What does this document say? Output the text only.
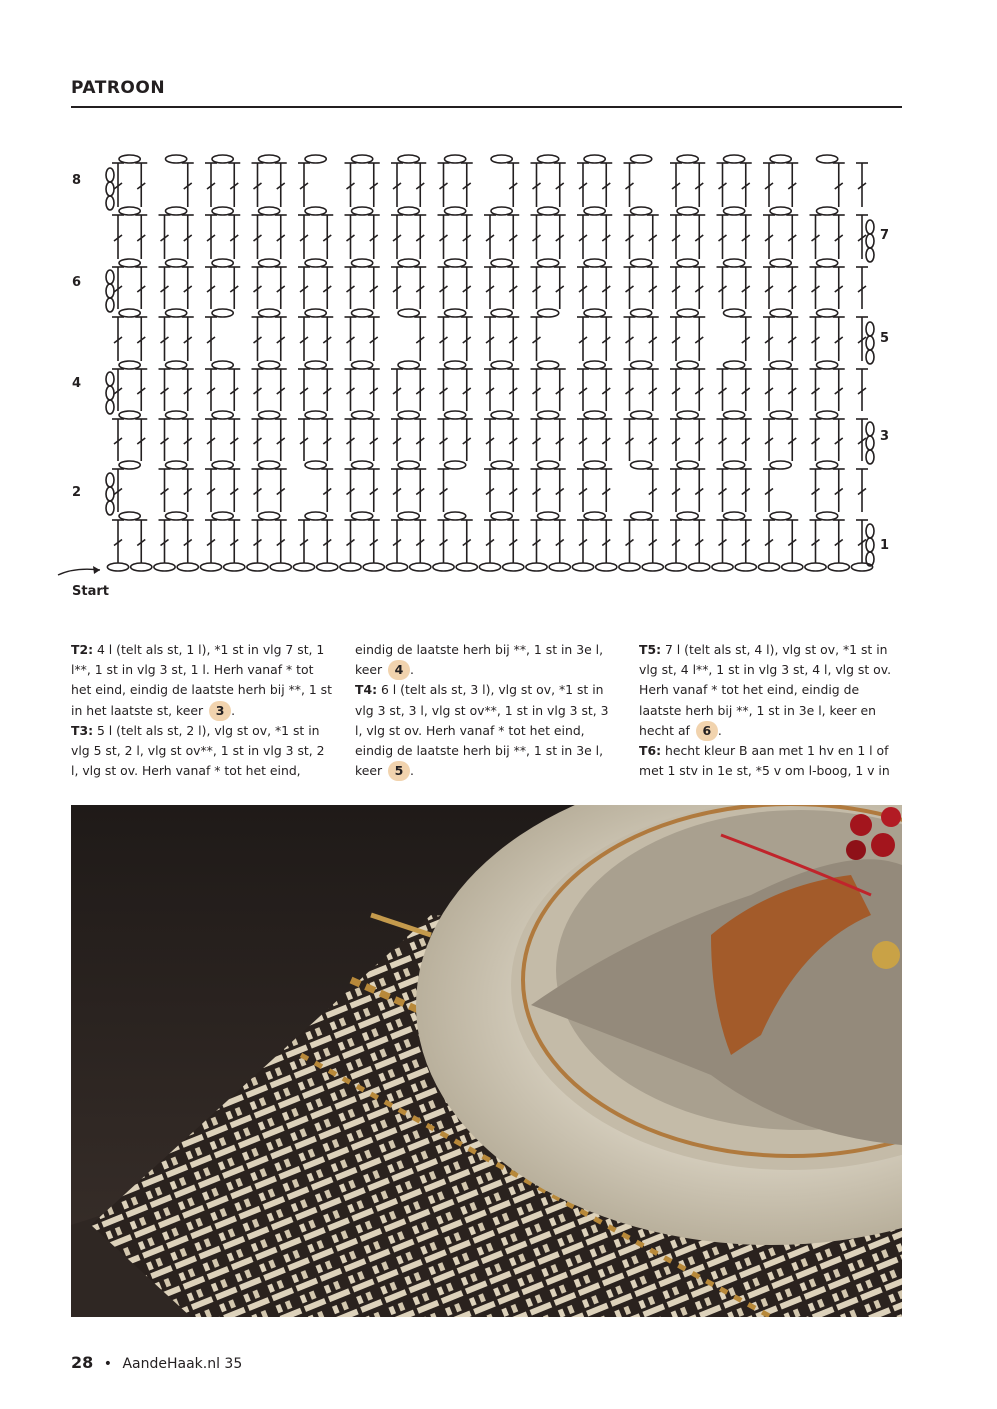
PATROON
8
6
4
2
7
5
3
1
Start

T2: 4 l (telt als st, 1 l), *1 st in vlg 7 st, 1 l**, 1 st in vlg 3 st, 1 l. Herh vanaf * tot het eind, eindig de laatste herh bij **, 1 st in het laatste st, keer 3 .

T3: 5 l (telt als st, 2 l), vlg st ov, *1 st in vlg 5 st, 2 l, vlg st ov**, 1 st in vlg 3 st, 2 l, vlg st ov. Herh vanaf * tot het eind,

eindig de laatste herh bij **, 1 st in 3e l, keer 4 .

T4: 6 l (telt als st, 3 l), vlg st ov, *1 st in vlg 3 st, 3 l, vlg st ov**, 1 st in vlg 3 st, 3 l, vlg st ov. Herh vanaf * tot het eind, eindig de laatste herh bij **, 1 st in 3e l, keer 5 .

T5: 7 l (telt als st, 4 l), vlg st ov, *1 st in vlg st, 4 l**, 1 st in vlg 3 st, 4 l, vlg st ov. Herh vanaf * tot het eind, eindig de laatste herh bij **, 1 st in 3e l, keer en hecht af 6 .

T6: hecht kleur B aan met 1 hv en 1 l of met 1 stv in 1e st, *5 v om l-boog, 1 v in

28 • AandeHaak.nl 35
